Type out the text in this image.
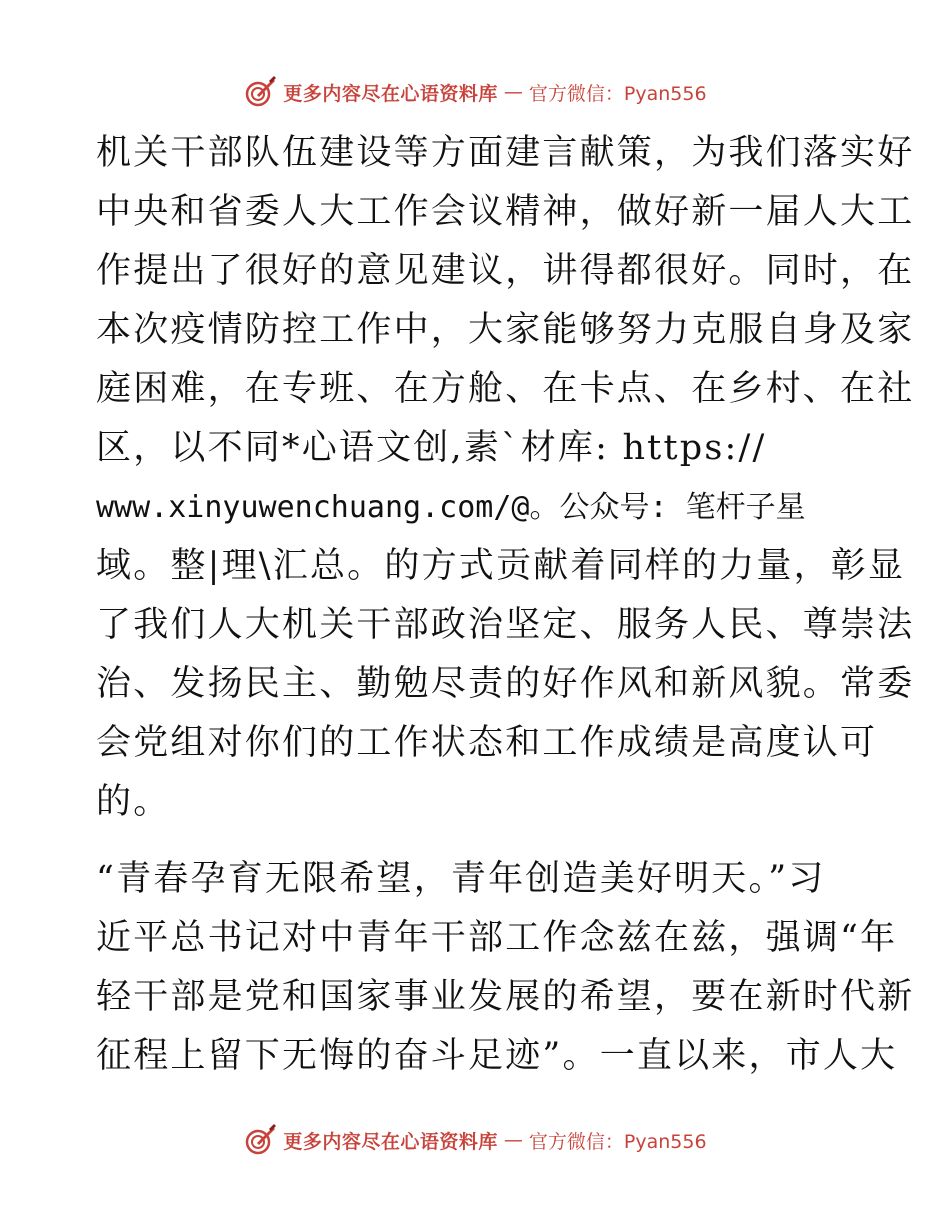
更多内容尽在心语资料库 — 官方微信：Pyan556
机关干部队伍建设等方面建言献策，为我们落实好
中央和省委人大工作会议精神，做好新一届人大工
作提出了很好的意见建议，讲得都很好。同时，在
本次疫情防控工作中，大家能够努力克服自身及家
庭困难，在专班、在方舱、在卡点、在乡村、在社
区，以不同*心语文创,素`材库: https://
www.xinyuwenchuang.com/@。公众号: 笔杆子星
域。整|理\汇总。的方式贡献着同样的力量，彰显
了我们人大机关干部政治坚定、服务人民、尊崇法
治、发扬民主、勤勉尽责的好作风和新风貌。常委
会党组对你们的工作状态和工作成绩是高度认可
的。
“青春孕育无限希望，青年创造美好明天。”习
近平总书记对中青年干部工作念兹在兹，强调“年
轻干部是党和国家事业发展的希望，要在新时代新
征程上留下无悔的奋斗足迹”。一直以来，市人大
更多内容尽在心语资料库 — 官方微信：Pyan556
